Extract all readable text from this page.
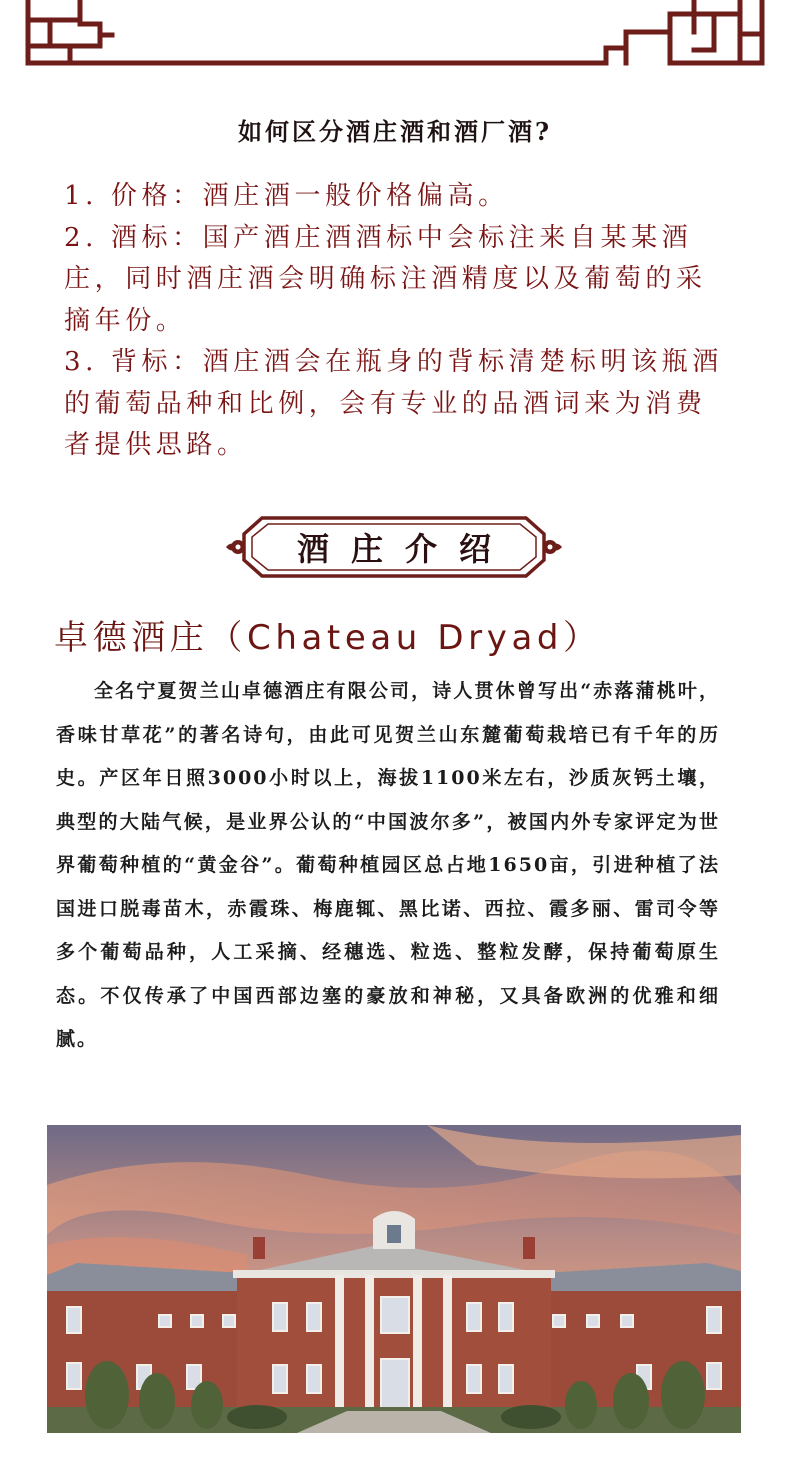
如何区分酒庄酒和酒厂酒?
1. 价格：酒庄酒一般价格偏高。
2. 酒标：国产酒庄酒酒标中会标注来自某某酒庄，同时酒庄酒会明确标注酒精度以及葡萄的采摘年份。
3. 背标：酒庄酒会在瓶身的背标清楚标明该瓶酒的葡萄品种和比例，会有专业的品酒词来为消费者提供思路。
酒庄介绍
卓德酒庄（Chateau Dryad）

全名宁夏贺兰山卓德酒庄有限公司，诗人贯休曾写出“赤落蒲桃叶，香味甘草花”的著名诗句，由此可见贺兰山东麓葡萄栽培已有千年的历史。产区年日照3000小时以上，海拔1100米左右，沙质灰钙土壤，典型的大陆气候，是业界公认的“中国波尔多”，被国内外专家评定为世界葡萄种植的“黄金谷”。葡萄种植园区总占地1650亩，引进种植了法国进口脱毒苗木，赤霞珠、梅鹿辄、黑比诺、西拉、霞多丽、雷司令等多个葡萄品种，人工采摘、经穗选、粒选、整粒发酵，保持葡萄原生态。不仅传承了中国西部边塞的豪放和神秘，又具备欧洲的优雅和细腻。
